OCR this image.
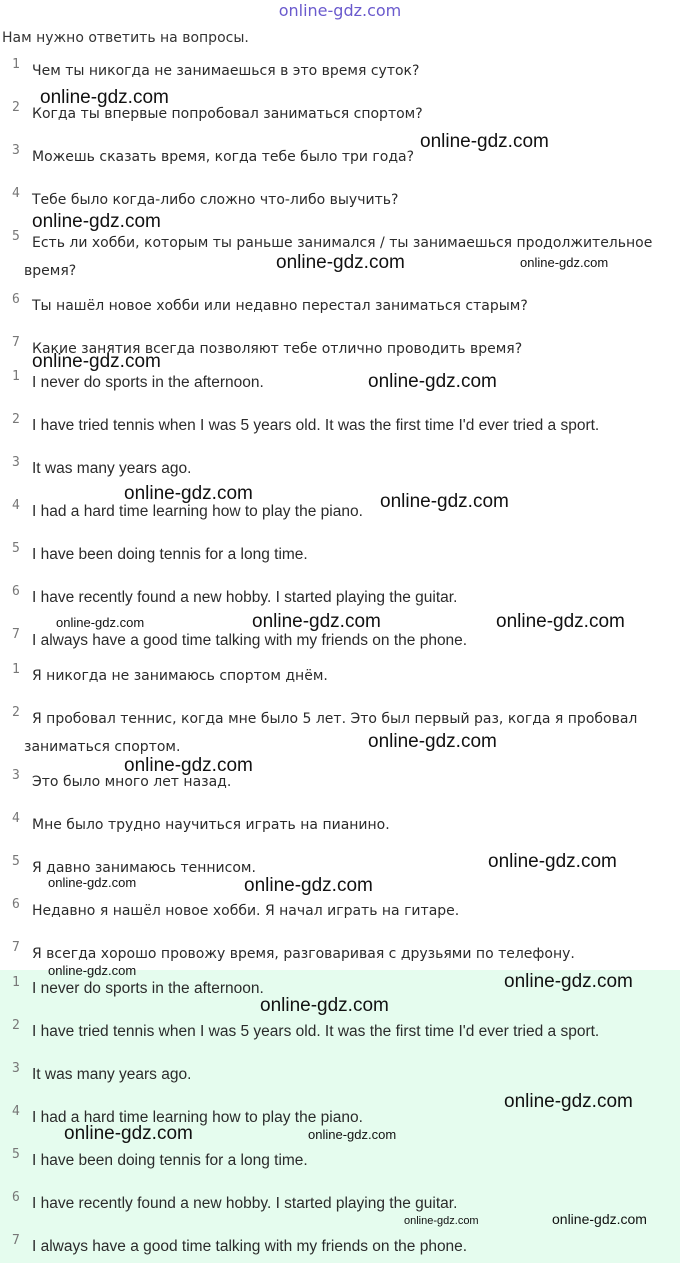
online-gdz.com
Нам нужно ответить на вопросы.
1 Чем ты никогда не занимаешься в это время суток?
2 Когда ты впервые попробовал заниматься спортом?
3 Можешь сказать время, когда тебе было три года?
4 Тебе было когда-либо сложно что-либо выучить?
5 Есть ли хобби, которым ты раньше занимался / ты занимаешься продолжительное время?
6 Ты нашёл новое хобби или недавно перестал заниматься старым?
7 Какие занятия всегда позволяют тебе отлично проводить время?
1 I never do sports in the afternoon.
2 I have tried tennis when I was 5 years old. It was the first time I'd ever tried a sport.
3 It was many years ago.
4 I had a hard time learning how to play the piano.
5 I have been doing tennis for a long time.
6 I have recently found a new hobby. I started playing the guitar.
7 I always have a good time talking with my friends on the phone.
1 Я никогда не занимаюсь спортом днём.
2 Я пробовал теннис, когда мне было 5 лет. Это был первый раз, когда я пробовал заниматься спортом.
3 Это было много лет назад.
4 Мне было трудно научиться играть на пианино.
5 Я давно занимаюсь теннисом.
6 Недавно я нашёл новое хобби. Я начал играть на гитаре.
7 Я всегда хорошо провожу время, разговаривая с друзьями по телефону.
1 I never do sports in the afternoon.
2 I have tried tennis when I was 5 years old. It was the first time I'd ever tried a sport.
3 It was many years ago.
4 I had a hard time learning how to play the piano.
5 I have been doing tennis for a long time.
6 I have recently found a new hobby. I started playing the guitar.
7 I always have a good time talking with my friends on the phone.
online-gdz.com
online-gdz.com
online-gdz.com
online-gdz.com	online-gdz.com
online-gdz.com
online-gdz.com
online-gdz.com	online-gdz.com
online-gdz.com	online-gdz.com	online-gdz.com
online-gdz.com
online-gdz.com
online-gdz.com
online-gdz.com	online-gdz.com
online-gdz.com
online-gdz.com
online-gdz.com
online-gdz.com
online-gdz.com	online-gdz.com
online-gdz.com
online-gdz.com
